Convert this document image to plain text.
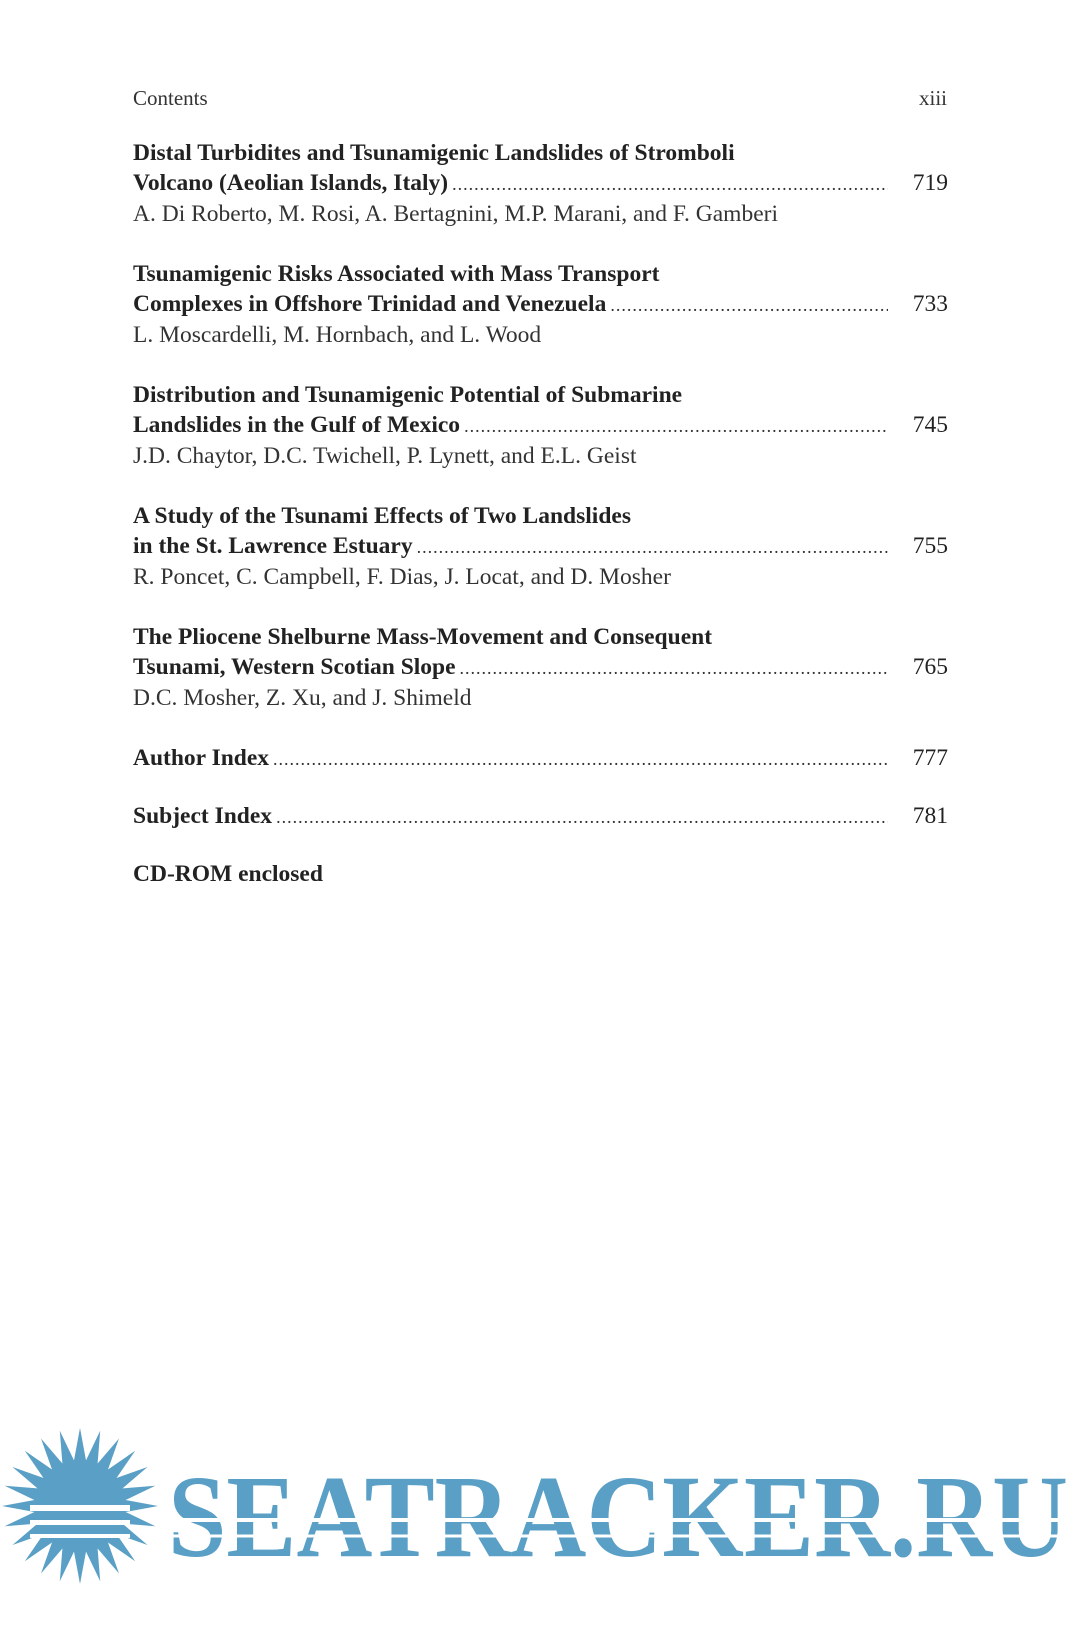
Contents	xiii
Distal Turbidites and Tsunamigenic Landslides of Stromboli
Volcano (Aeolian Islands, Italy) .....	719
A. Di Roberto, M. Rosi, A. Bertagnini, M.P. Marani, and F. Gamberi
Tsunamigenic Risks Associated with Mass Transport
Complexes in Offshore Trinidad and Venezuela .....	733
L. Moscardelli, M. Hornbach, and L. Wood
Distribution and Tsunamigenic Potential of Submarine
Landslides in the Gulf of Mexico .....	745
J.D. Chaytor, D.C. Twichell, P. Lynett, and E.L. Geist
A Study of the Tsunami Effects of Two Landslides
in the St. Lawrence Estuary .....	755
R. Poncet, C. Campbell, F. Dias, J. Locat, and D. Mosher
The Pliocene Shelburne Mass-Movement and Consequent
Tsunami, Western Scotian Slope .....	765
D.C. Mosher, Z. Xu, and J. Shimeld
Author Index .....	777
Subject Index .....	781
CD-ROM enclosed
SEATRACKER.RU
